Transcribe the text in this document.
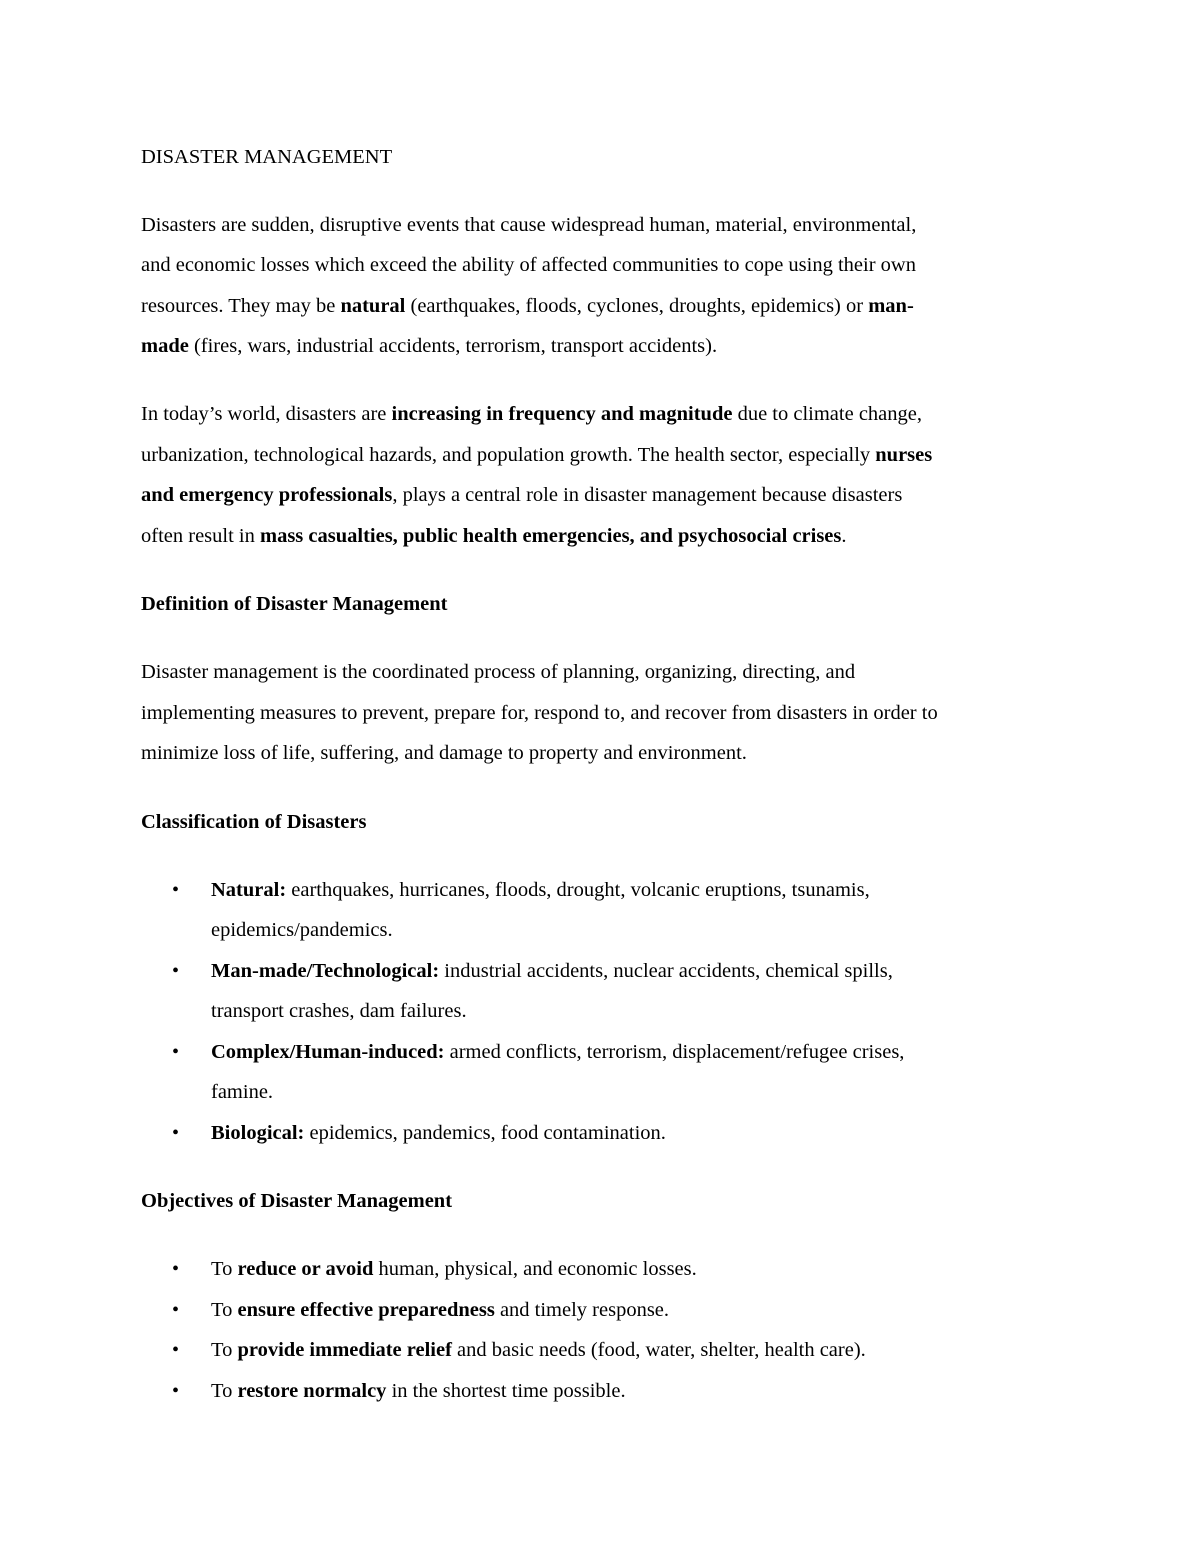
DISASTER MANAGEMENT
Disasters are sudden, disruptive events that cause widespread human, material, environmental,
and economic losses which exceed the ability of affected communities to cope using their own
resources. They may be natural (earthquakes, floods, cyclones, droughts, epidemics) or man-
made (fires, wars, industrial accidents, terrorism, transport accidents).
In today’s world, disasters are increasing in frequency and magnitude due to climate change,
urbanization, technological hazards, and population growth. The health sector, especially nurses
and emergency professionals, plays a central role in disaster management because disasters
often result in mass casualties, public health emergencies, and psychosocial crises.
Definition of Disaster Management
Disaster management is the coordinated process of planning, organizing, directing, and
implementing measures to prevent, prepare for, respond to, and recover from disasters in order to
minimize loss of life, suffering, and damage to property and environment.
Classification of Disasters
• Natural: earthquakes, hurricanes, floods, drought, volcanic eruptions, tsunamis,
epidemics/pandemics.
• Man-made/Technological: industrial accidents, nuclear accidents, chemical spills,
transport crashes, dam failures.
• Complex/Human-induced: armed conflicts, terrorism, displacement/refugee crises,
famine.
• Biological: epidemics, pandemics, food contamination.
Objectives of Disaster Management
• To reduce or avoid human, physical, and economic losses.
• To ensure effective preparedness and timely response.
• To provide immediate relief and basic needs (food, water, shelter, health care).
• To restore normalcy in the shortest time possible.
